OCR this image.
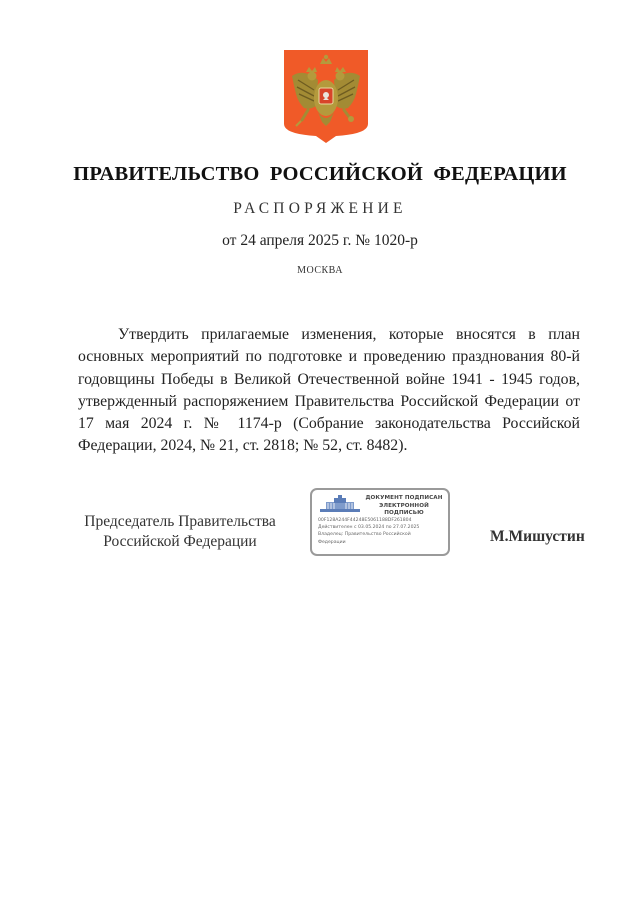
ПРАВИТЕЛЬСТВО РОССИЙСКОЙ ФЕДЕРАЦИИ
РАСПОРЯЖЕНИЕ
от 24 апреля 2025 г. № 1020-р
МОСКВА

Утвердить прилагаемые изменения, которые вносятся в план основных мероприятий по подготовке и проведению празднования 80-й годовщины Победы в Великой Отечественной войне 1941 - 1945 годов, утвержденный распоряжением Правительства Российской Федерации от 17 мая 2024 г. № 1174-р (Собрание законодательства Российской Федерации, 2024, № 21, ст. 2818; № 52, ст. 8482).

Председатель Правительства
Российской Федерации
ДОКУМЕНТ ПОДПИСАН
ЭЛЕКТРОННОЙ ПОДПИСЬЮ
00F128A244F44248E5061188DF261804
Действителен с 03.05.2024 по 27.07.2025
Владелец: Правительство Российской
Федерации	М.Мишустин
